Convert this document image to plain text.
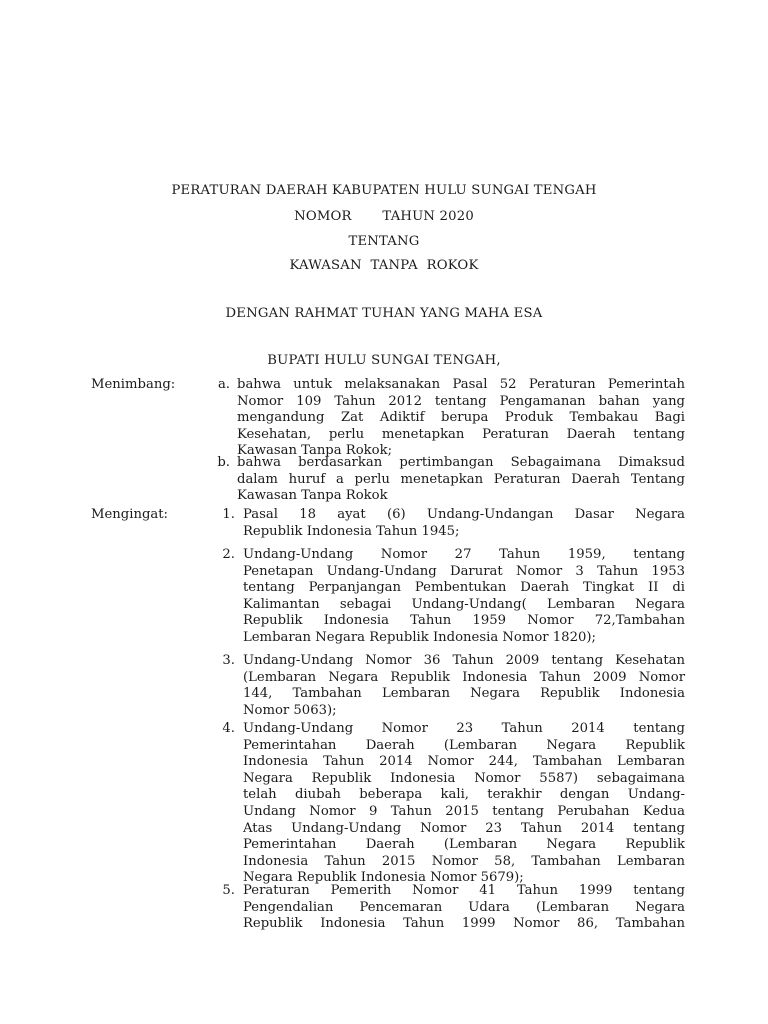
PERATURAN DAERAH KABUPATEN HULU SUNGAI TENGAH
NOMOR       TAHUN 2020
TENTANG
KAWASAN  TANPA  ROKOK
DENGAN RAHMAT TUHAN YANG MAHA ESA
BUPATI HULU SUNGAI TENGAH,
Menimbang:	a. bahwa untuk melaksanakan Pasal 52 Peraturan Pemerintah
Nomor 109 Tahun 2012 tentang Pengamanan bahan yang
mengandung Zat Adiktif berupa Produk Tembakau Bagi
Kesehatan, perlu menetapkan Peraturan Daerah tentang
Kawasan Tanpa Rokok;
b. bahwa berdasarkan pertimbangan Sebagaimana Dimaksud
dalam huruf a perlu menetapkan Peraturan Daerah Tentang
Kawasan Tanpa Rokok
Mengingat:	1. Pasal 18 ayat (6) Undang-Undangan Dasar Negara
Republik Indonesia Tahun 1945;
2. Undang-Undang Nomor 27 Tahun 1959, tentang
Penetapan Undang-Undang Darurat Nomor 3 Tahun 1953
tentang Perpanjangan Pembentukan Daerah Tingkat II di
Kalimantan sebagai Undang-Undang( Lembaran Negara
Republik Indonesia Tahun 1959 Nomor 72,Tambahan
Lembaran Negara Republik Indonesia Nomor 1820);
3. Undang-Undang Nomor 36 Tahun 2009 tentang Kesehatan
(Lembaran Negara Republik Indonesia Tahun 2009 Nomor
144, Tambahan Lembaran Negara Republik Indonesia
Nomor 5063);
4. Undang-Undang Nomor 23 Tahun 2014 tentang
Pemerintahan Daerah (Lembaran Negara Republik
Indonesia Tahun 2014 Nomor 244, Tambahan Lembaran
Negara Republik Indonesia Nomor 5587) sebagaimana
telah diubah beberapa kali, terakhir dengan Undang-
Undang Nomor 9 Tahun 2015 tentang Perubahan Kedua
Atas Undang-Undang Nomor 23 Tahun 2014 tentang
Pemerintahan Daerah (Lembaran Negara Republik
Indonesia Tahun 2015 Nomor 58, Tambahan Lembaran
Negara Republik Indonesia Nomor 5679);
5. Peraturan Pemerith Nomor 41 Tahun 1999 tentang
Pengendalian Pencemaran Udara (Lembaran Negara
Republik Indonesia Tahun 1999 Nomor 86, Tambahan
